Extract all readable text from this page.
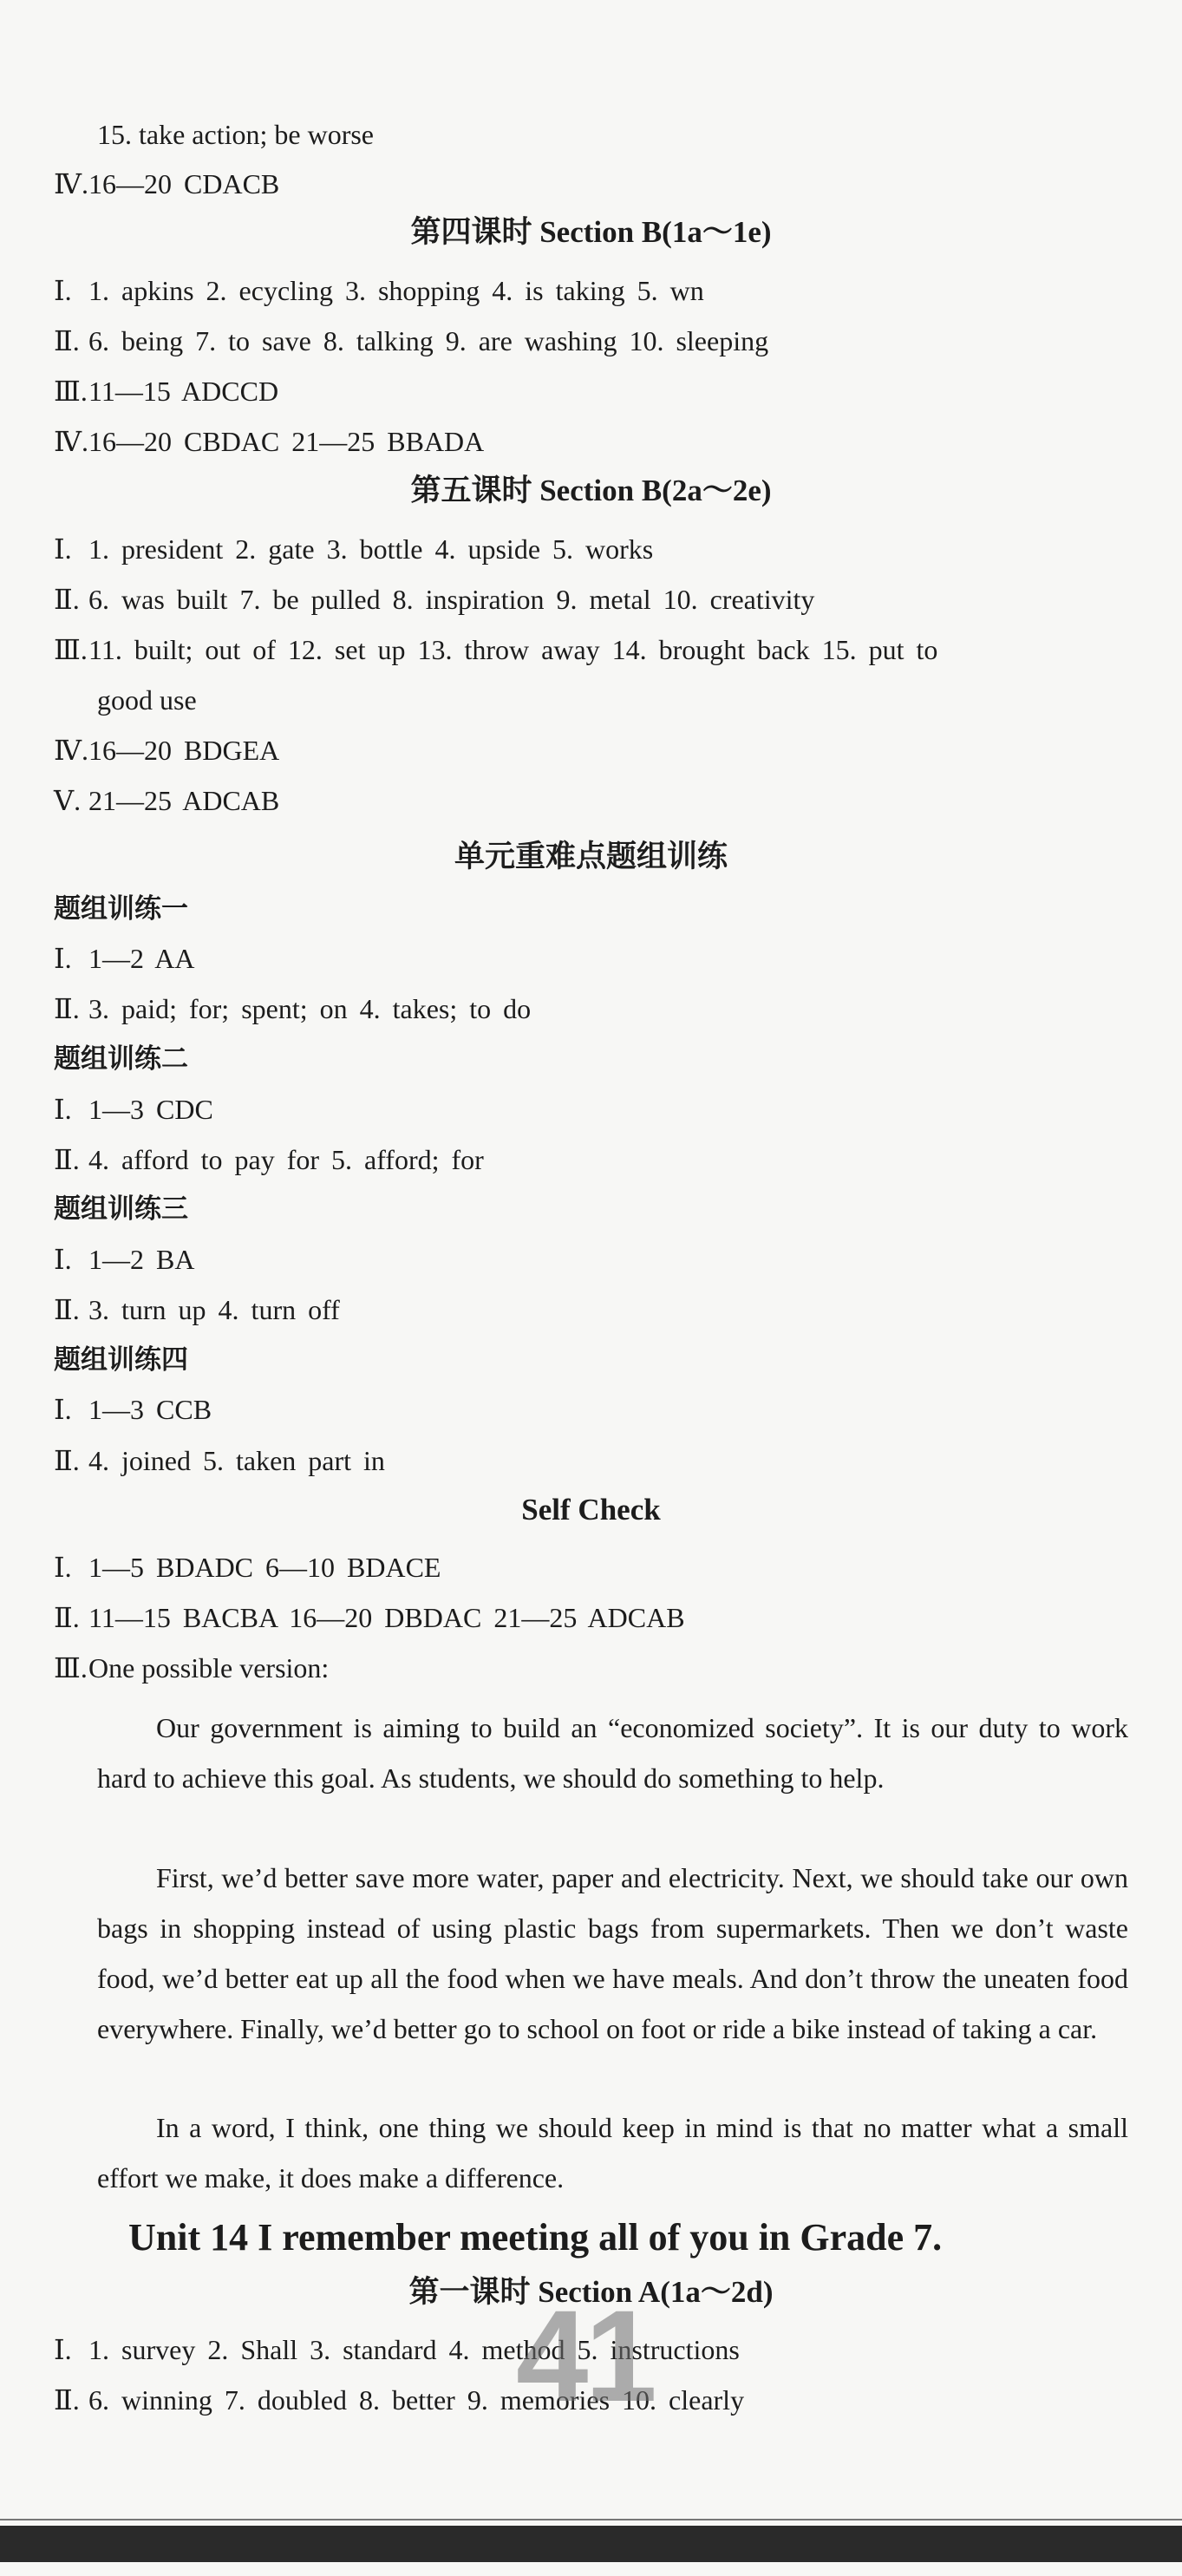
15. take action; be worse
Ⅳ.16—20 CDACB
第四课时 Section B(1a～1e)
Ⅰ. 1. apkins 2. ecycling 3. shopping 4. is taking 5. wn
Ⅱ. 6. being 7. to save 8. talking 9. are washing 10. sleeping
Ⅲ.11—15 ADCCD
Ⅳ.16—20 CBDAC 21—25 BBADA
第五课时 Section B(2a～2e)
Ⅰ. 1. president 2. gate 3. bottle 4. upside 5. works
Ⅱ. 6. was built 7. be pulled 8. inspiration 9. metal 10. creativity
Ⅲ.11. built; out of 12. set up 13. throw away 14. brought back 15. put to
good use
Ⅳ.16—20 BDGEA
Ⅴ. 21—25 ADCAB
单元重难点题组训练
题组训练一
Ⅰ. 1—2 AA
Ⅱ. 3. paid; for; spent; on 4. takes; to do
题组训练二
Ⅰ. 1—3 CDC
Ⅱ. 4. afford to pay for 5. afford; for
题组训练三
Ⅰ. 1—2 BA
Ⅱ. 3. turn up 4. turn off
题组训练四
Ⅰ. 1—3 CCB
Ⅱ. 4. joined 5. taken part in
Self Check
Ⅰ. 1—5 BDADC 6—10 BDACE
Ⅱ. 11—15 BACBA 16—20 DBDAC 21—25 ADCAB
Ⅲ.One possible version:
Our government is aiming to build an “economized society”. It is our duty to work hard to achieve this goal. As students, we should do something to help.
First, we’d better save more water, paper and electricity. Next, we should take our own bags in shopping instead of using plastic bags from supermarkets. Then we don’t waste food, we’d better eat up all the food when we have meals. And don’t throw the uneaten food everywhere. Finally, we’d better go to school on foot or ride a bike instead of taking a car.
In a word, I think, one thing we should keep in mind is that no matter what a small effort we make, it does make a difference.
Unit 14 I remember meeting all of you in Grade 7.
第一课时 Section A(1a～2d)
Ⅰ. 1. survey 2. Shall 3. standard 4. method 5. instructions
Ⅱ. 6. winning 7. doubled 8. better 9. memories 10. clearly
41
